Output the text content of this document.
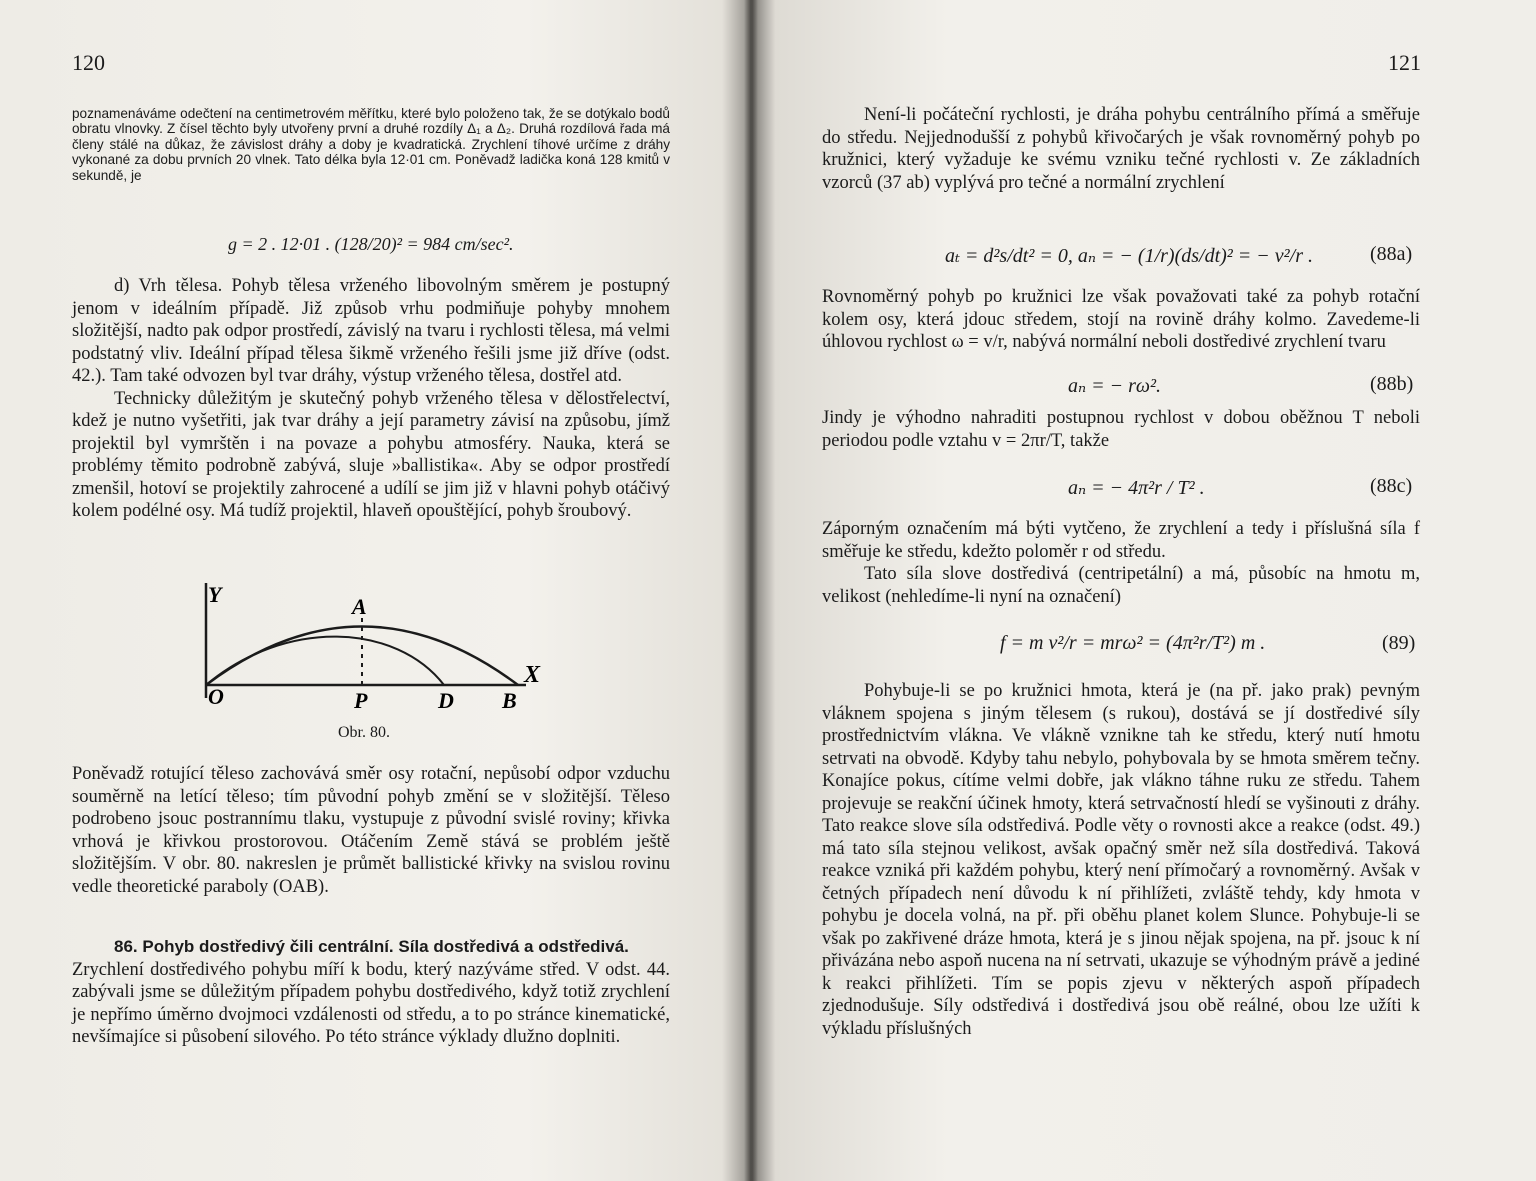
120
poznamenáváme odečtení na centimetrovém měřítku, které bylo položeno tak, že se dotýkalo bodů obratu vlnovky. Z čísel těchto byly utvořeny první a druhé rozdíly Δ₁ a Δ₂. Druhá rozdílová řada má členy stálé na důkaz, že závislost dráhy a doby je kvadratická. Zrychlení tíhové určíme z dráhy vykonané za dobu prvních 20 vlnek. Tato délka byla 12·01 cm. Poněvadž ladička koná 128 kmitů v sekundě, je
g = 2 . 12·01 . (128/20)² = 984 cm/sec².

d) Vrh tělesa. Pohyb tělesa vrženého libovolným směrem je postupný jenom v ideálním případě. Již způsob vrhu podmiňuje pohyby mnohem složitější, nadto pak odpor prostředí, závislý na tvaru i rychlosti tělesa, má velmi podstatný vliv. Ideální případ tělesa šikmě vrženého řešili jsme již dříve (odst. 42.). Tam také odvozen byl tvar dráhy, výstup vrženého tělesa, dostřel atd.

Technicky důležitým je skutečný pohyb vrženého tělesa v dělostřelectví, kdež je nutno vyšetřiti, jak tvar dráhy a její parametry závisí na způsobu, jímž projektil byl vymrštěn i na povaze a pohybu atmosféry. Nauka, která se problémy těmito podrobně zabývá, sluje »ballistika«. Aby se odpor prostředí zmenšil, hotoví se projektily zahrocené a udílí se jim již v hlavni pohyb otáčivý kolem podélné osy. Má tudíž projektil, hlaveň opouštějící, pohyb šroubový.

Y	A
X
O	P	D B
Obr. 80.
Poněvadž rotující těleso zachovává směr osy rotační, nepůsobí odpor vzduchu souměrně na letící těleso; tím původní pohyb změní se v složitější. Těleso podrobeno jsouc postrannímu tlaku, vystupuje z původní svislé roviny; křivka vrhová je křivkou prostorovou. Otáčením Země stává se problém ještě složitějším. V obr. 80. nakreslen je průmět ballistické křivky na svislou rovinu vedle theoretické paraboly (OAB).

86. Pohyb dostředivý čili centrální. Síla dostředivá a odstředivá.

Zrychlení dostředivého pohybu míří k bodu, který nazýváme střed. V odst. 44. zabývali jsme se důležitým případem pohybu dostředivého, když totiž zrychlení je nepřímo úměrno dvojmoci vzdálenosti od středu, a to po stránce kinematické, nevšímajíce si působení silového. Po této stránce výklady dlužno doplniti.

121

Není-li počáteční rychlosti, je dráha pohybu centrálního přímá a směřuje do středu. Nejjednodušší z pohybů křivočarých je však rovnoměrný pohyb po kružnici, který vyžaduje ke svému vzniku tečné rychlosti v. Ze základních vzorců (37 ab) vyplývá pro tečné a normální zrychlení

aₜ = d²s/dt² = 0, aₙ = − (1/r)(ds/dt)² = − v²/r .	(88a)
Rovnoměrný pohyb po kružnici lze však považovati také za pohyb rotační kolem osy, která jdouc středem, stojí na rovině dráhy kolmo. Zavedeme-li úhlovou rychlost ω = v/r, nabývá normální neboli dostředivé zrychlení tvaru
aₙ = − rω².	(88b)
Jindy je výhodno nahraditi postupnou rychlost v dobou oběžnou T neboli periodou podle vztahu v = 2πr/T, takže
aₙ = − 4π²r / T² .	(88c)

Záporným označením má býti vytčeno, že zrychlení a tedy i příslušná síla f směřuje ke středu, kdežto poloměr r od středu.

Tato síla slove dostředivá (centripetální) a má, působíc na hmotu m, velikost (nehledíme-li nyní na označení)

f = m v²/r = mrω² = (4π²r/T²) m .	(89)

Pohybuje-li se po kružnici hmota, která je (na př. jako prak) pevným vláknem spojena s jiným tělesem (s rukou), dostává se jí dostředivé síly prostřednictvím vlákna. Ve vlákně vznikne tah ke středu, který nutí hmotu setrvati na obvodě. Kdyby tahu nebylo, pohybovala by se hmota směrem tečny. Konajíce pokus, cítíme velmi dobře, jak vlákno táhne ruku ze středu. Tahem projevuje se reakční účinek hmoty, která setrvačností hledí se vyšinouti z dráhy. Tato reakce slove síla odstředivá. Podle věty o rovnosti akce a reakce (odst. 49.) má tato síla stejnou velikost, avšak opačný směr než síla dostředivá. Taková reakce vzniká při každém pohybu, který není přímočarý a rovnoměrný. Avšak v četných případech není důvodu k ní přihlížeti, zvláště tehdy, kdy hmota v pohybu je docela volná, na př. při oběhu planet kolem Slunce. Pohybuje-li se však po zakřivené dráze hmota, která je s jinou nějak spojena, na př. jsouc k ní přivázána nebo aspoň nucena na ní setrvati, ukazuje se výhodným právě a jediné k reakci přihlížeti. Tím se popis zjevu v některých aspoň případech zjednodušuje. Síly odstředivá i dostředivá jsou obě reálné, obou lze užíti k výkladu příslušných
